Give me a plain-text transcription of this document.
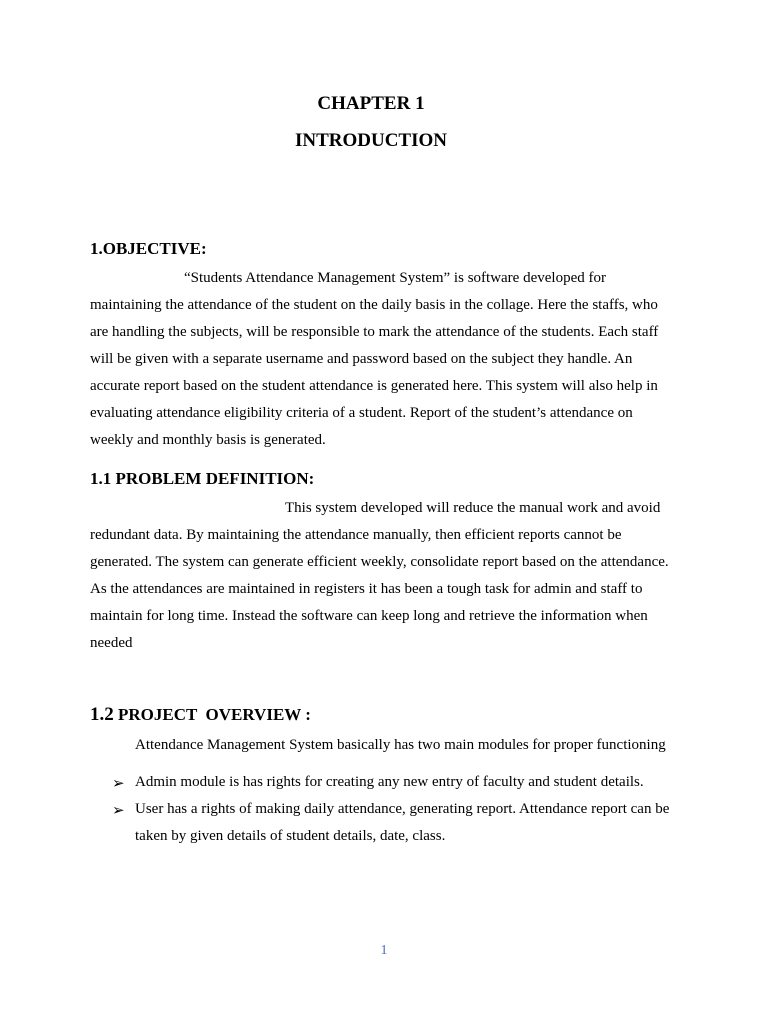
CHAPTER 1
INTRODUCTION
1.OBJECTIVE:
“Students Attendance Management System” is software developed for
maintaining the attendance of the student on the daily basis in the collage. Here the staffs, who
are handling the subjects, will be responsible to mark the attendance of the students. Each staff
will be given with a separate username and password based on the subject they handle. An
accurate report based on the student attendance is generated here. This system will also help in
evaluating attendance eligibility criteria of a student. Report of the student’s attendance on
weekly and monthly basis is generated.
1.1 PROBLEM DEFINITION:
This system developed will reduce the manual work and avoid
redundant data. By maintaining the attendance manually, then efficient reports cannot be
generated. The system can generate efficient weekly, consolidate report based on the attendance.
As the attendances are maintained in registers it has been a tough task for admin and staff to
maintain for long time. Instead the software can keep long and retrieve the information when
needed
1.2 PROJECT  OVERVIEW :
Attendance Management System basically has two main modules for proper functioning
➢ Admin module is has rights for creating any new entry of faculty and student details.
➢ User has a rights of making daily attendance, generating report. Attendance report can be
taken by given details of student details, date, class.
1
